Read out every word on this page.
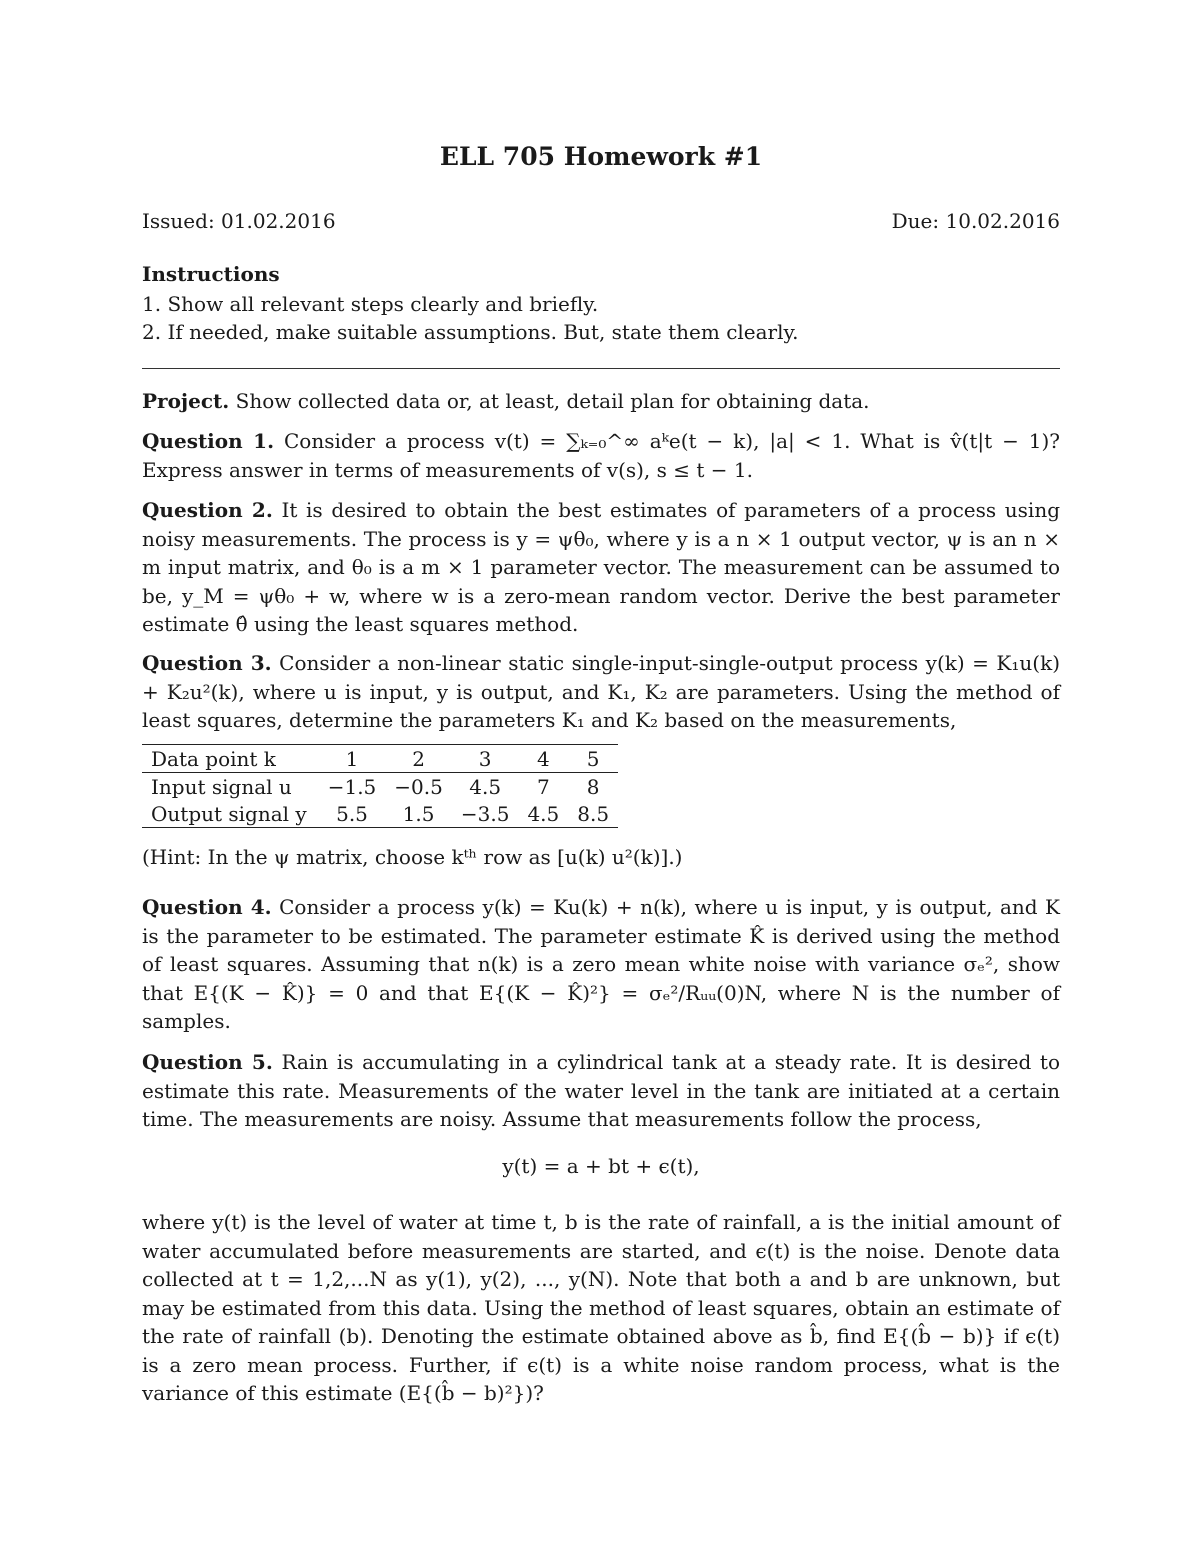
ELL 705 Homework #1
Issued: 01.02.2016	Due: 10.02.2016
Instructions
1. Show all relevant steps clearly and briefly.
2. If needed, make suitable assumptions. But, state them clearly.

Project. Show collected data or, at least, detail plan for obtaining data.

Question 1. Consider a process v(t) = ∑ₖ₌₀^∞ aᵏe(t − k), |a| < 1. What is v̂(t|t − 1)? Express answer in terms of measurements of v(s), s ≤ t − 1.

Question 2. It is desired to obtain the best estimates of parameters of a process using noisy measurements. The process is y = ψθ₀, where y is a n × 1 output vector, ψ is an n × m input matrix, and θ₀ is a m × 1 parameter vector. The measurement can be assumed to be, y_M = ψθ₀ + w, where w is a zero-mean random vector. Derive the best parameter estimate θ̂ using the least squares method.

Question 3. Consider a non-linear static single-input-single-output process y(k) = K₁u(k) + K₂u²(k), where u is input, y is output, and K₁, K₂ are parameters. Using the method of least squares, determine the parameters K₁ and K₂ based on the measurements,

Data point k	1	2	3	4	5
Input signal u	−1.5	−0.5	4.5	7	8
Output signal y	5.5	1.5	−3.5	4.5	8.5

(Hint: In the ψ matrix, choose kᵗʰ row as [u(k) u²(k)].)

Question 4. Consider a process y(k) = Ku(k) + n(k), where u is input, y is output, and K is the parameter to be estimated. The parameter estimate K̂ is derived using the method of least squares. Assuming that n(k) is a zero mean white noise with variance σₑ², show that E{(K − K̂)} = 0 and that E{(K − K̂)²} = σₑ²/Rᵤᵤ(0)N, where N is the number of samples.

Question 5. Rain is accumulating in a cylindrical tank at a steady rate. It is desired to estimate this rate. Measurements of the water level in the tank are initiated at a certain time. The measurements are noisy. Assume that measurements follow the process,

y(t) = a + bt + ϵ(t),

where y(t) is the level of water at time t, b is the rate of rainfall, a is the initial amount of water accumulated before measurements are started, and ϵ(t) is the noise. Denote data collected at t = 1,2,...N as y(1), y(2), ..., y(N). Note that both a and b are unknown, but may be estimated from this data. Using the method of least squares, obtain an estimate of the rate of rainfall (b). Denoting the estimate obtained above as b̂, find E{(b̂ − b)} if ϵ(t) is a zero mean process. Further, if ϵ(t) is a white noise random process, what is the variance of this estimate (E{(b̂ − b)²})?
